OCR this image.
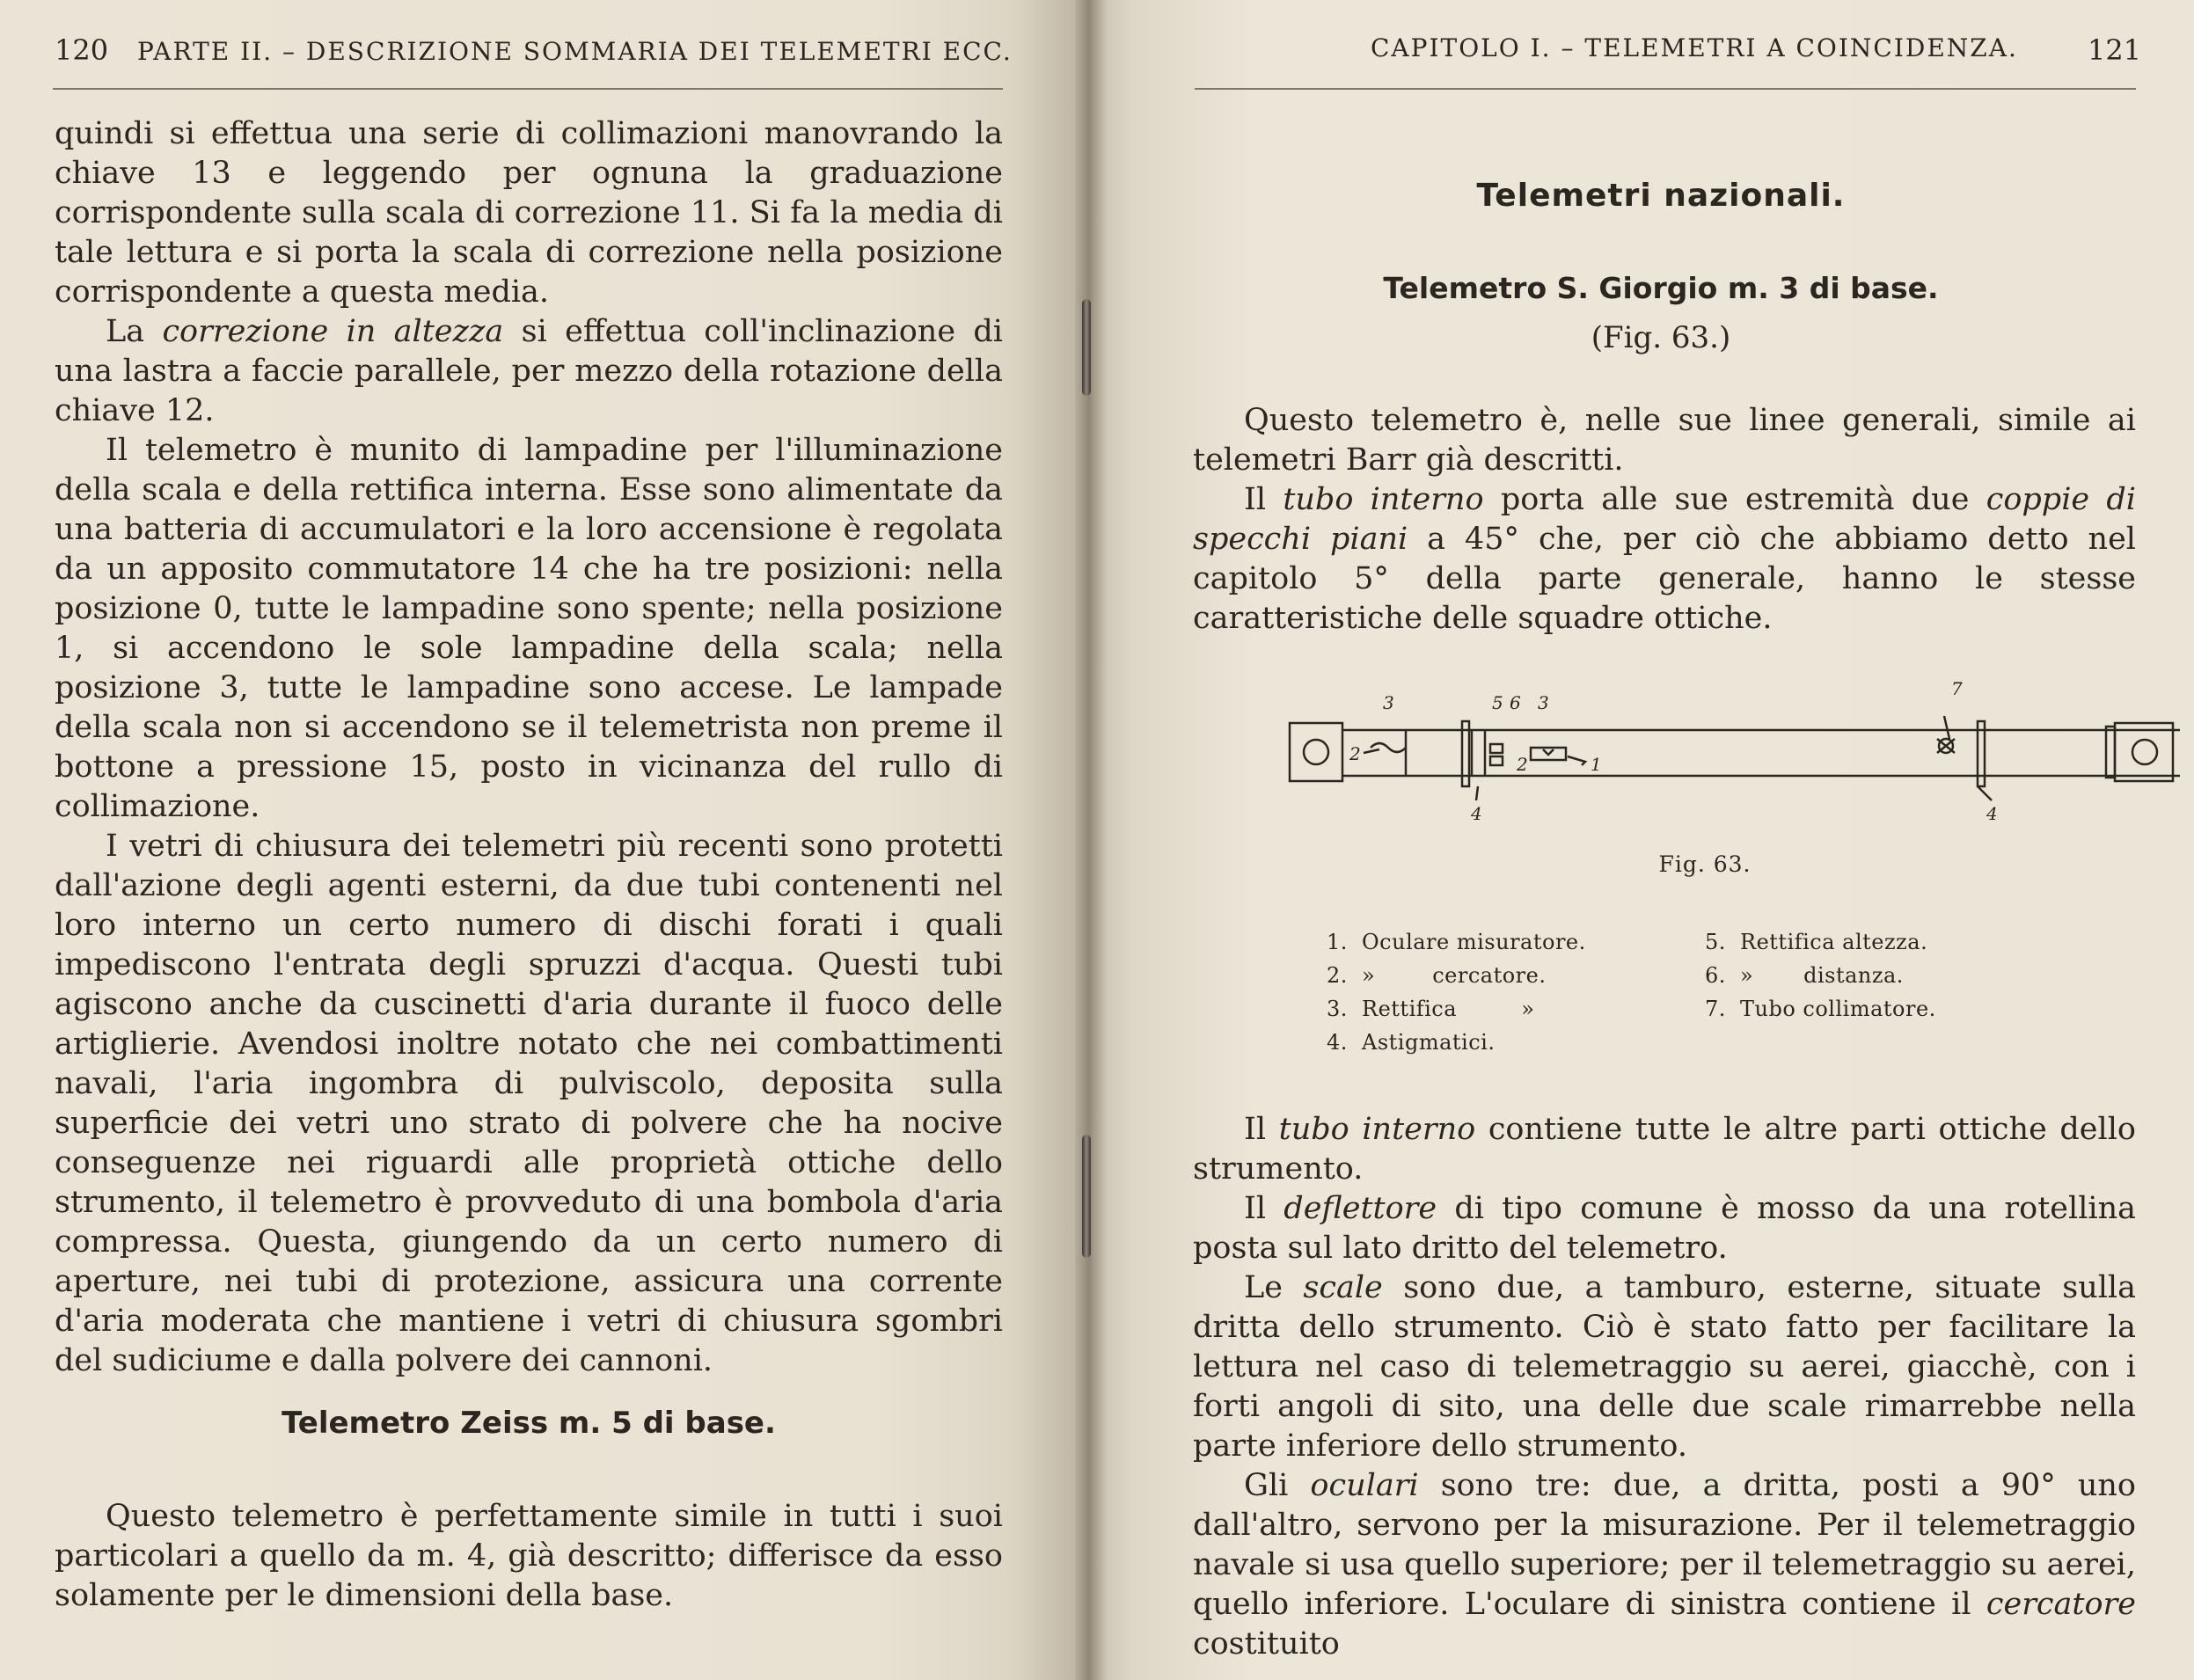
120 PARTE II. – DESCRIZIONE SOMMARIA DEI TELEMETRI ECC.

quindi si effettua una serie di collimazioni manovrando la chiave 13 e leggendo per ognuna la graduazione corrispondente sulla scala di correzione 11. Si fa la media di tale lettura e si porta la scala di correzione nella posizione corrispondente a questa media.

La correzione in altezza si effettua coll'inclinazione di una lastra a faccie parallele, per mezzo della rotazione della chiave 12.

Il telemetro è munito di lampadine per l'illuminazione della scala e della rettifica interna. Esse sono alimentate da una batteria di accumulatori e la loro accensione è regolata da un apposito commutatore 14 che ha tre posizioni: nella posizione 0, tutte le lampadine sono spente; nella posizione 1, si accendono le sole lampadine della scala; nella posizione 3, tutte le lampadine sono accese. Le lampade della scala non si accendono se il telemetrista non preme il bottone a pressione 15, posto in vicinanza del rullo di collimazione.

I vetri di chiusura dei telemetri più recenti sono protetti dall'azione degli agenti esterni, da due tubi contenenti nel loro interno un certo numero di dischi forati i quali impediscono l'entrata degli spruzzi d'acqua. Questi tubi agiscono anche da cuscinetti d'aria durante il fuoco delle artiglierie. Avendosi inoltre notato che nei combattimenti navali, l'aria ingombra di pulviscolo, deposita sulla superficie dei vetri uno strato di polvere che ha nocive conseguenze nei riguardi alle proprietà ottiche dello strumento, il telemetro è provveduto di una bombola d'aria compressa. Questa, giungendo da un certo numero di aperture, nei tubi di protezione, assicura una corrente d'aria moderata che mantiene i vetri di chiusura sgombri del sudiciume e dalla polvere dei cannoni.

Telemetro Zeiss m. 5 di base.

Questo telemetro è perfettamente simile in tutti i suoi particolari a quello da m. 4, già descritto; differisce da esso solamente per le dimensioni della base.

CAPITOLO I. – TELEMETRI A COINCIDENZA. 121
Telemetri nazionali.
Telemetro S. Giorgio m. 3 di base.
(Fig. 63.)

Questo telemetro è, nelle sue linee generali, simile ai telemetri Barr già descritti.

Il tubo interno porta alle sue estremità due coppie di specchi piani a 45° che, per ciò che abbiamo detto nel capitolo 5° della parte generale, hanno le stesse caratteristiche delle squadre ottiche.

3	5 6 3
7
2	2	1
4	4
Fig. 63.
1. Oculare misuratore.
2. »        cercatore.
3. Rettifica         »
4. Astigmatici.
5. Rettifica altezza.
6. »       distanza.
7. Tubo collimatore.

Il tubo interno contiene tutte le altre parti ottiche dello strumento.

Il deflettore di tipo comune è mosso da una rotellina posta sul lato dritto del telemetro.

Le scale sono due, a tamburo, esterne, situate sulla dritta dello strumento. Ciò è stato fatto per facilitare la lettura nel caso di telemetraggio su aerei, giacchè, con i forti angoli di sito, una delle due scale rimarrebbe nella parte inferiore dello strumento.

Gli oculari sono tre: due, a dritta, posti a 90° uno dall'altro, servono per la misurazione. Per il telemetraggio navale si usa quello superiore; per il telemetraggio su aerei, quello inferiore. L'oculare di sinistra contiene il cercatore costituito
